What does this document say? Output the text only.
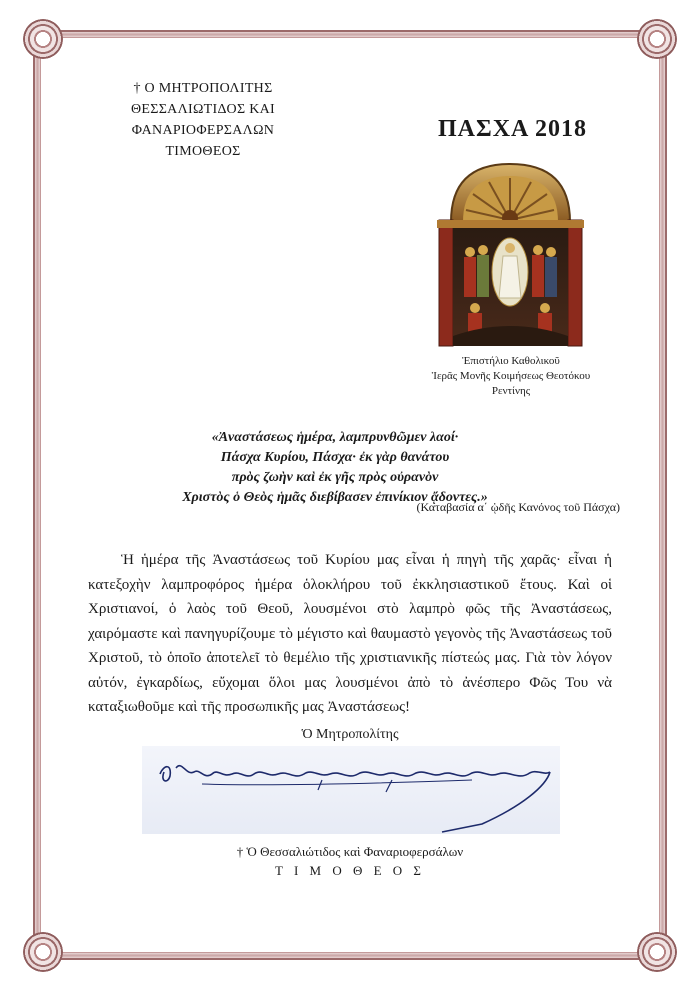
† Ο ΜΗΤΡΟΠΟΛΙΤΗΣ
ΘΕΣΣΑΛΙΩΤΙΔΟΣ ΚΑΙ ΦΑΝΑΡΙΟΦΕΡΣΑΛΩΝ
ΤΙΜΟΘΕΟΣ
ΠΑΣΧΑ 2018
Ἐπιστήλιο Καθολικοῦ
Ἱερᾶς Μονῆς Κοιμήσεως Θεοτόκου
Ρεντίνης
«Ἀναστάσεως ἡμέρα, λαμπρυνθῶμεν λαοί·
Πάσχα Κυρίου, Πάσχα· ἐκ γὰρ θανάτου
πρὸς ζωὴν καὶ ἐκ γῆς πρὸς οὐρανὸν
Χριστὸς ὁ Θεὸς ἡμᾶς διεβίβασεν ἐπινίκιον ᾄδοντες.»
(Καταβασία α΄ ᾠδῆς Κανόνος τοῦ Πάσχα)
Ἡ ἡμέρα τῆς Ἀναστάσεως τοῦ Κυρίου μας εἶναι ἡ πηγὴ τῆς χαρᾶς· εἶναι ἡ κατεξοχὴν λαμπροφόρος ἡμέρα ὁλοκλήρου τοῦ ἐκκλησιαστικοῦ ἔτους. Καὶ οἱ Χριστιανοί, ὁ λαὸς τοῦ Θεοῦ, λουσμένοι στὸ λαμπρὸ φῶς τῆς Ἀναστάσεως, χαιρόμαστε καὶ πανηγυρίζουμε τὸ μέγιστο καὶ θαυμαστὸ γεγονὸς τῆς Ἀναστάσεως τοῦ Χριστοῦ, τὸ ὁποῖο ἀποτελεῖ τὸ θεμέλιο τῆς χριστιανικῆς πίστεώς μας. Γιὰ τὸν λόγον αὐτόν, ἐγκαρδίως, εὔχομαι ὅλοι μας λουσμένοι ἀπὸ τὸ ἀνέσπερο Φῶς Του νὰ καταξιωθοῦμε καὶ τῆς προσωπικῆς μας Ἀναστάσεως!
Ὁ Μητροπολίτης
† Ὁ Θεσσαλιώτιδος καὶ Φαναριοφερσάλων
Τ Ι Μ Ο Θ Ε Ο Σ
